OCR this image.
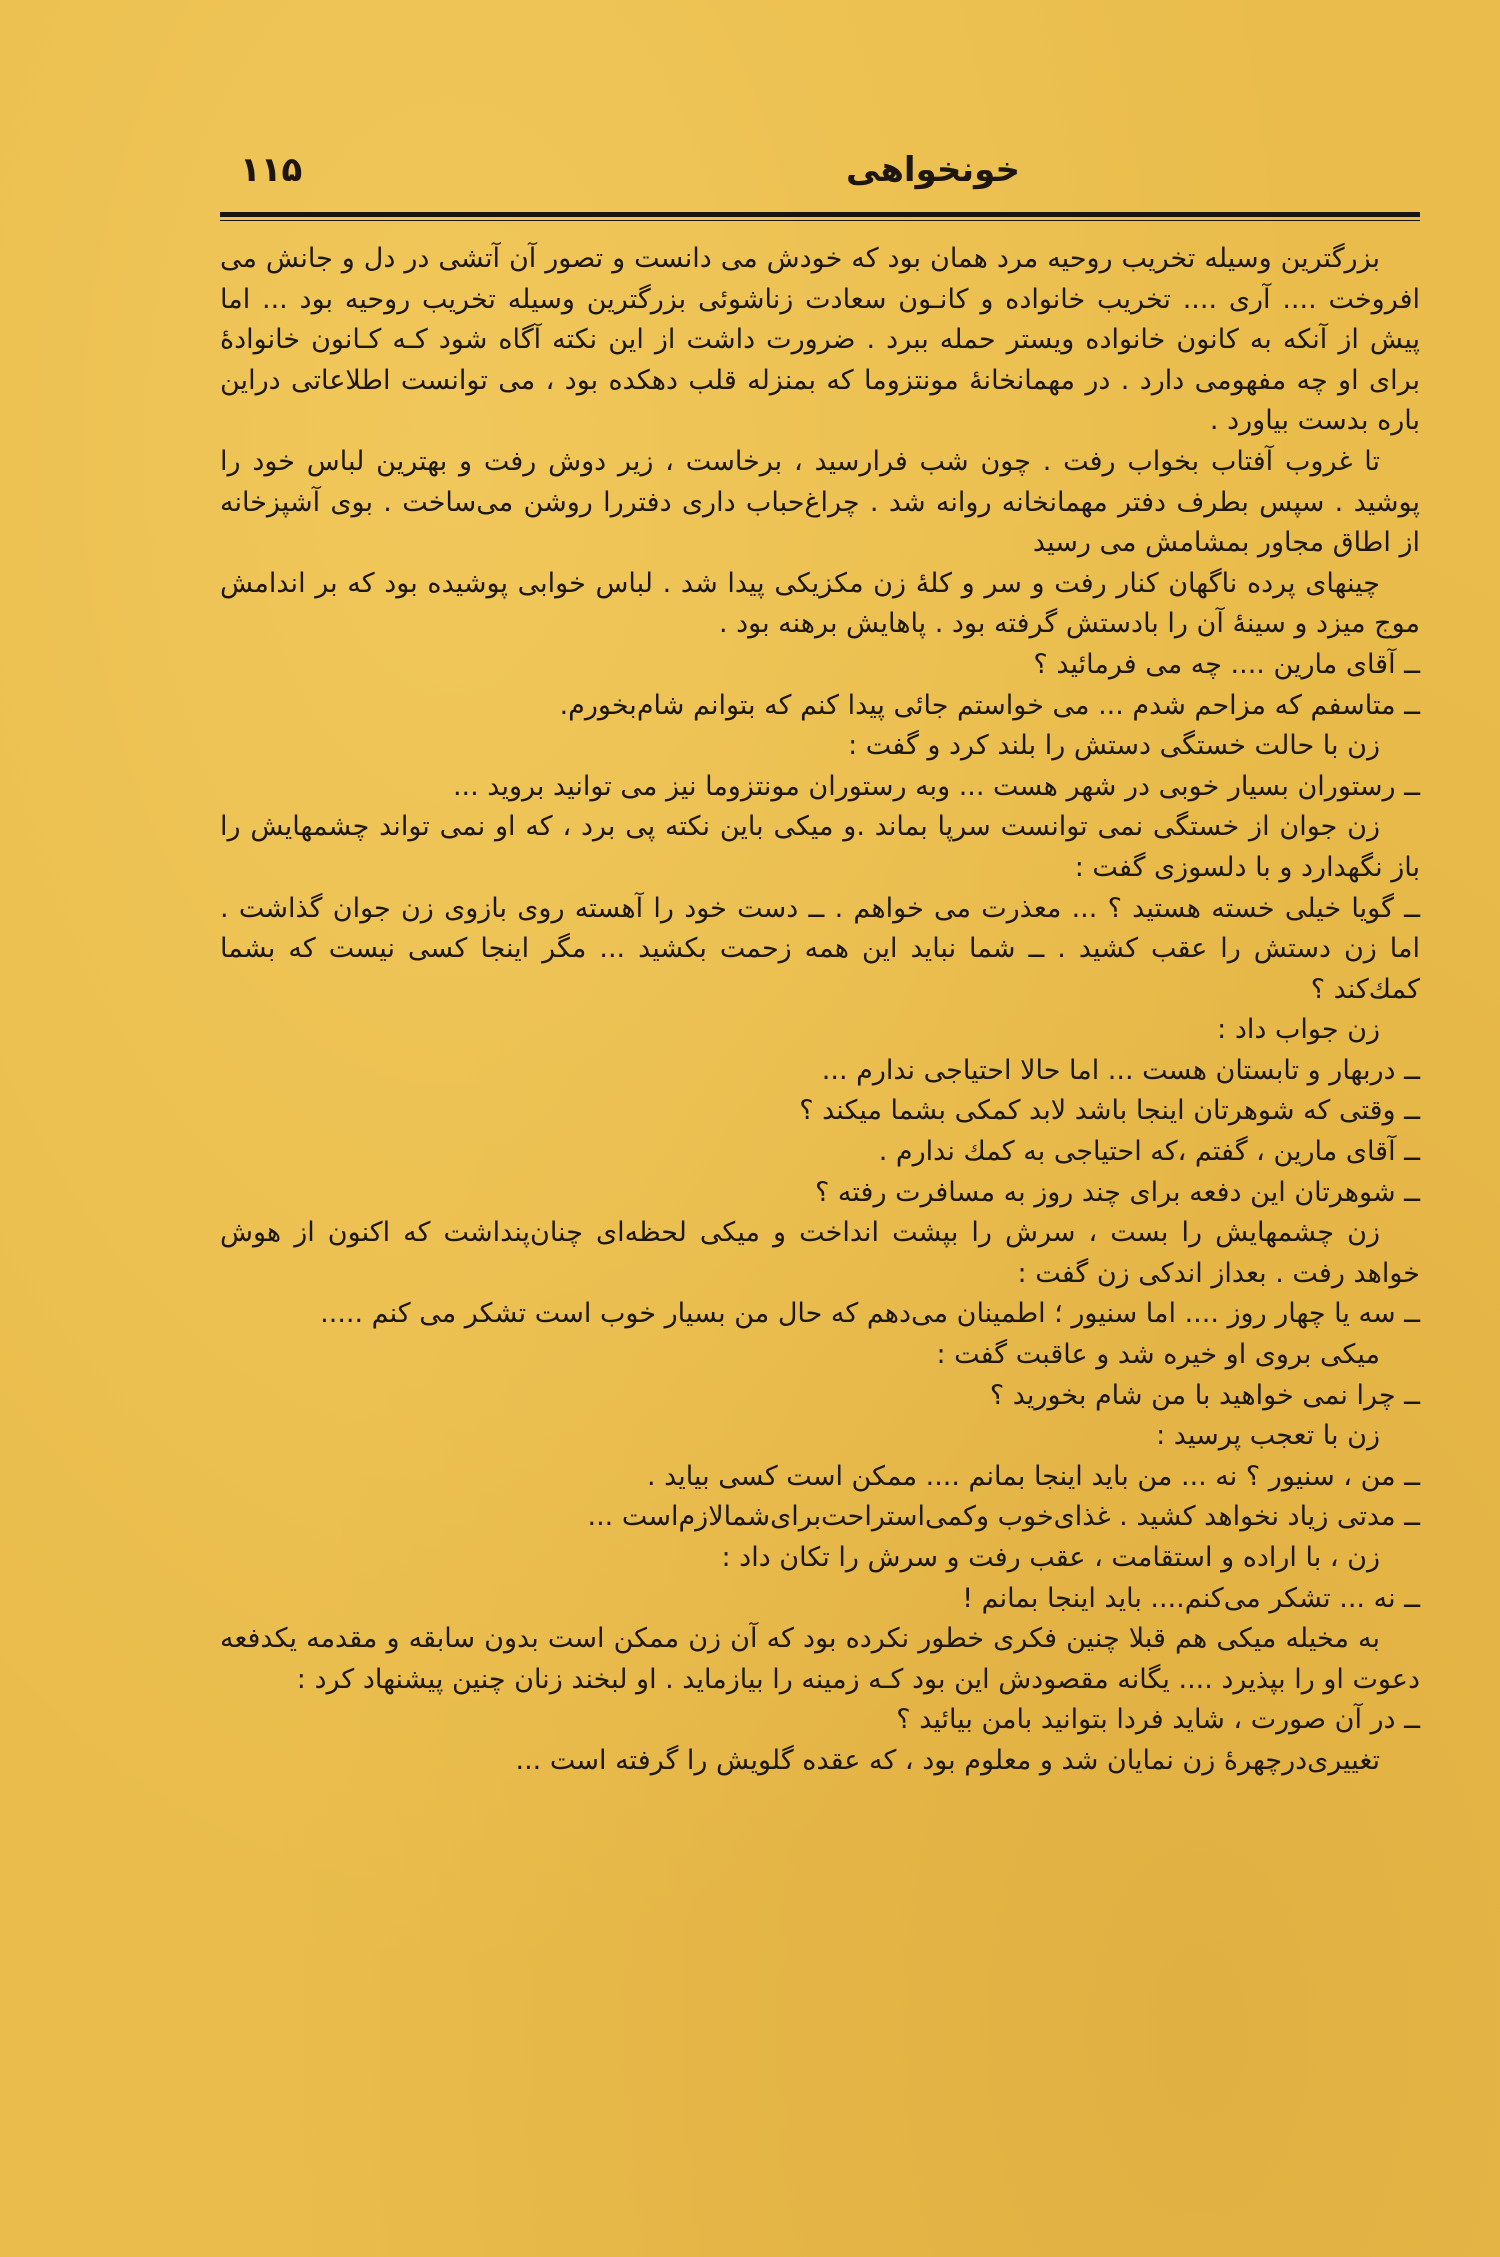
خونخواهی
۱۱۵

بزرگترین وسیله تخریب روحیه مرد همان بود که خودش می دانست و تصور آن آتشی در دل و جانش می افروخت .... آری .... تخریب خانواده و کانـون سعادت زناشوئی بزرگترین وسیله تخریب روحیه بود ... اما پیش از آنکه به کانون خانواده ویستر حمله ببرد . ضرورت داشت از این نکته آگاه شود کـه کـانون خانوادهٔ برای او چه مفهومی دارد . در مهمانخانهٔ مونتزوما که بمنزله قلب دهکده بود ، می توانست اطلاعاتی دراین باره بدست بیاورد .

تا غروب آفتاب بخواب رفت . چون شب فرارسید ، برخاست ، زیر دوش رفت و بهترین لباس خود را پوشید . سپس بطرف دفتر مهمانخانه روانه شد . چراغ‌حباب داری دفتررا روشن می‌ساخت . بوی آشپزخانه از اطاق مجاور بمشامش می رسید

چینهای پرده ناگهان کنار رفت و سر و کلهٔ زن مکزیکی پیدا شد . لباس خوابی پوشیده بود که بر اندامش موج میزد و سینهٔ آن را بادستش گرفته بود . پاهایش برهنه بود .

ــ آقای مارین .... چه می فرمائید ؟

ــ متاسفم که مزاحم شدم ... می خواستم جائی پیدا کنم که بتوانم شام‌بخورم.

زن با حالت خستگی دستش را بلند کرد و گفت :

ــ رستوران بسیار خوبی در شهر هست ... وبه رستوران مونتزوما نیز می توانید بروید ...

زن جوان از خستگی نمی توانست سرپا بماند .و میکی باین نکته پی برد ، که او نمی تواند چشمهایش را باز نگهدارد و با دلسوزی گفت :

ــ گویا خیلی خسته هستید ؟ ... معذرت می خواهم . ــ دست خود را آهسته روی بازوی زن جوان گذاشت . اما زن دستش را عقب کشید . ــ شما نباید این همه زحمت بکشید ... مگر اینجا کسی نیست که بشما کمك‌کند ؟

زن جواب داد :

ــ دربهار و تابستان هست ... اما حالا احتیاجی ندارم ...

ــ وقتی که شوهرتان اینجا باشد لابد کمکی بشما میکند ؟

ــ آقای مارین ، گفتم ،که احتیاجی به کمك ندارم .

ــ شوهرتان این دفعه برای چند روز به مسافرت رفته ؟

زن چشمهایش را بست ، سرش را بپشت انداخت و میکی لحظه‌ای چنان‌پنداشت که اکنون از هوش خواهد رفت . بعداز اندکی زن گفت :

ــ سه یا چهار روز .... اما سنیور ؛ اطمینان می‌دهم که حال من بسیار خوب است تشکر می کنم .....

میکی بروی او خیره شد و عاقبت گفت :

ــ چرا نمی خواهید با من شام بخورید ؟

زن با تعجب پرسید :

ــ من ، سنیور ؟ نه ... من باید اینجا بمانم .... ممکن است کسی بیاید .

ــ مدتی زیاد نخواهد کشید . غذای‌خوب وکمی‌استراحت‌برای‌شمالازم‌است ...

زن ، با اراده و استقامت ، عقب رفت و سرش را تکان داد :

ــ نه ... تشکر می‌کنم.... باید اینجا بمانم !

به مخیله میکی هم قبلا چنین فکری خطور نکرده بود که آن زن ممکن است بدون سابقه و مقدمه یکدفعه دعوت او را بپذیرد .... یگانه مقصودش این بود کـه زمینه را بیازماید . او لبخند زنان چنین پیشنهاد کرد :

ــ در آن صورت ، شاید فردا بتوانید بامن بیائید ؟

تغییری‌درچهرهٔ زن نمایان شد و معلوم بود ، که عقده گلویش را گرفته است ...
